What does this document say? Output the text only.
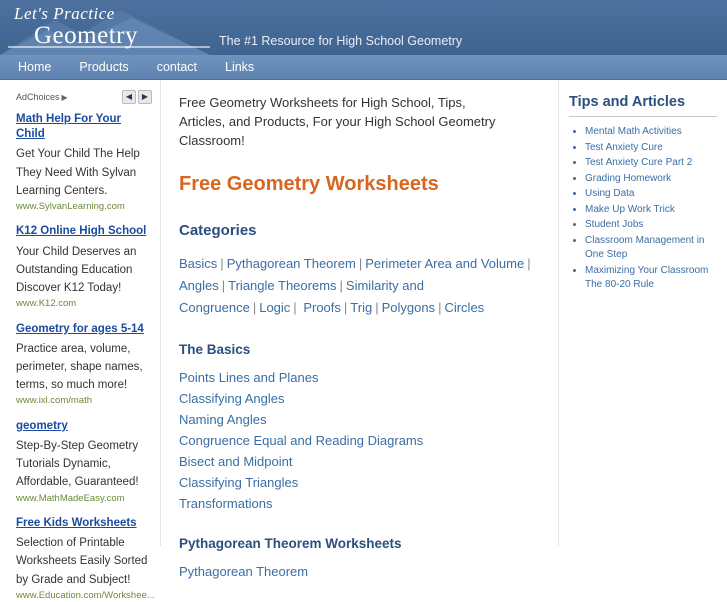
Let's Practice
Geometry	The #1 Resource for High School Geometry
Home Products contact Links
AdChoices ▶	◀	▶
Math Help For Your Child
Get Your Child The Help They Need With Sylvan Learning Centers.
www.SylvanLearning.com
K12 Online High School
Your Child Deserves an Outstanding Education Discover K12 Today!
www.K12.com
Geometry for ages 5-14
Practice area, volume, perimeter, shape names, terms, so much more!
www.ixl.com/math
geometry
Step-By-Step Geometry Tutorials Dynamic, Affordable, Guaranteed!
www.MathMadeEasy.com
Free Kids Worksheets
Selection of Printable Worksheets Easily Sorted by Grade and Subject!
www.Education.com/Workshee...

Free Geometry Worksheets for High School, Tips, Articles, and Products, For your High School Geometry Classroom!

Free Geometry Worksheets
Categories
Basics | Pythagorean Theorem | Perimeter Area and Volume | Angles | Triangle Theorems | Similarity and Congruence | Logic | Proofs | Trig | Polygons | Circles
The Basics
Points Lines and Planes
Classifying Angles
Naming Angles
Congruence Equal and Reading Diagrams
Bisect and Midpoint
Classifying Triangles
Transformations
Pythagorean Theorem Worksheets
Pythagorean Theorem
Tips and Articles
• Mental Math Activities
• Test Anxiety Cure
• Test Anxiety Cure Part 2
• Grading Homework
• Using Data
• Make Up Work Trick
• Student Jobs
• Classroom Management in One Step
• Maximizing Your Classroom The 80-20 Rule
